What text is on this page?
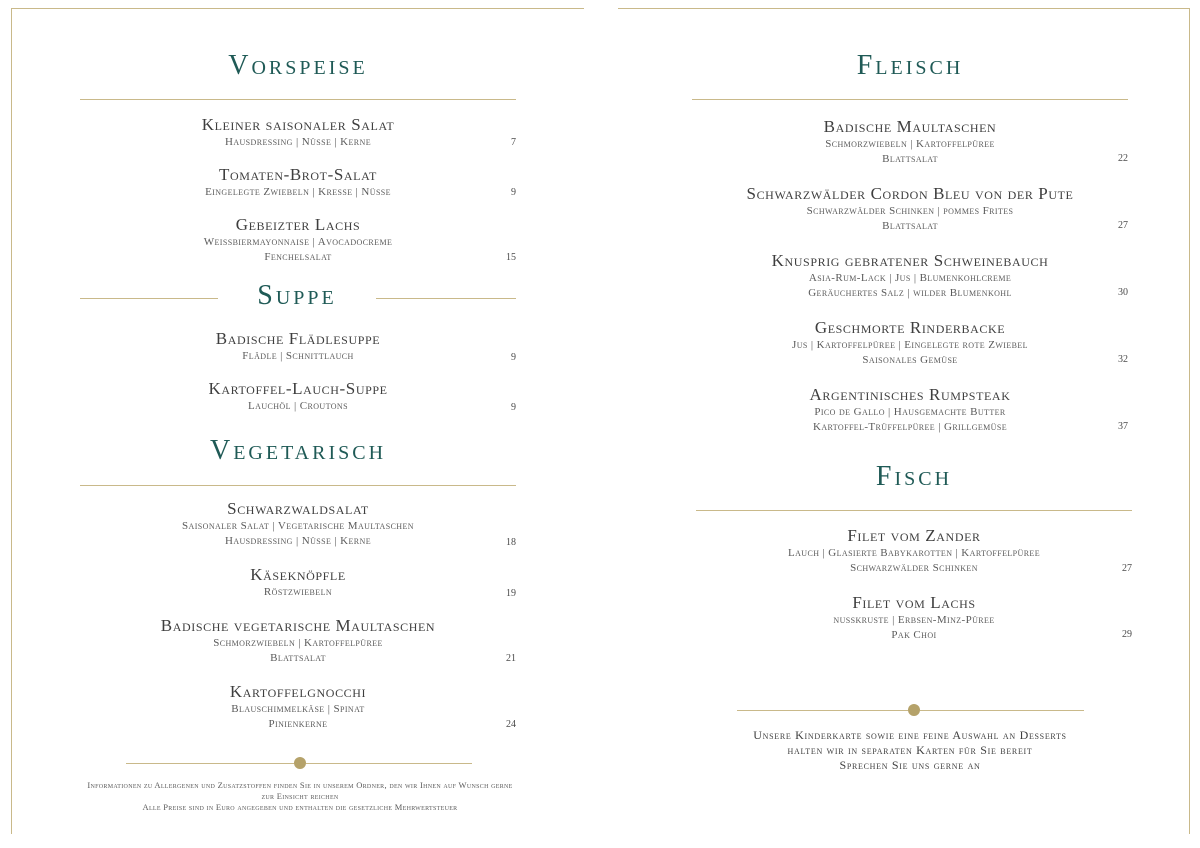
Vorspeise
Kleiner saisonaler Salat
Hausdressing | Nüsse | Kerne	7
Tomaten-Brot-Salat
Eingelegte Zwiebeln | Kresse | Nüsse	9
Gebeizter Lachs
Weissbiermayonnaise | Avocadocreme
Fenchelsalat	15
Suppe
Badische Flädlesuppe
Flädle | Schnittlauch	9
Kartoffel-Lauch-Suppe
Lauchöl | Croutons	9
Vegetarisch
Schwarzwaldsalat
Saisonaler Salat | Vegetarische Maultaschen
Hausdressing | Nüsse | Kerne	18
Käseknöpfle
Röstzwiebeln	19
Badische vegetarische Maultaschen
Schmorzwiebeln | Kartoffelpüree
Blattsalat	21
Kartoffelgnocchi
Blauschimmelkäse | Spinat
Pinienkerne	24
Informationen zu Allergenen und Zusatzstoffen finden Sie in unserem Ordner, den wir Ihnen auf Wunsch gerne
zur Einsicht reichen
Alle Preise sind in Euro angegeben und enthalten die gesetzliche Mehrwertsteuer
Fleisch
Badische Maultaschen
Schmorzwiebeln | Kartoffelpüree
Blattsalat	22
Schwarzwälder Cordon Bleu von der Pute
Schwarzwälder Schinken | pommes Frites
Blattsalat	27
Knusprig gebratener Schweinebauch
Asia-Rum-Lack | Jus | Blumenkohlcreme
Geräuchertes Salz | wilder Blumenkohl	30
Geschmorte Rinderbacke
Jus | Kartoffelpüree | Eingelegte rote Zwiebel
Saisonales Gemüse	32
Argentinisches Rumpsteak
Pico de Gallo | Hausgemachte Butter
Kartoffel-Trüffelpüree | Grillgemüse	37
Fisch
Filet vom Zander
Lauch | Glasierte Babykarotten | Kartoffelpüree
Schwarzwälder Schinken	27
Filet vom Lachs
nusskruste | Erbsen-Minz-Püree
Pak Choi	29
Unsere Kinderkarte sowie eine feine Auswahl an Desserts
halten wir in separaten Karten für Sie bereit
Sprechen Sie uns gerne an
